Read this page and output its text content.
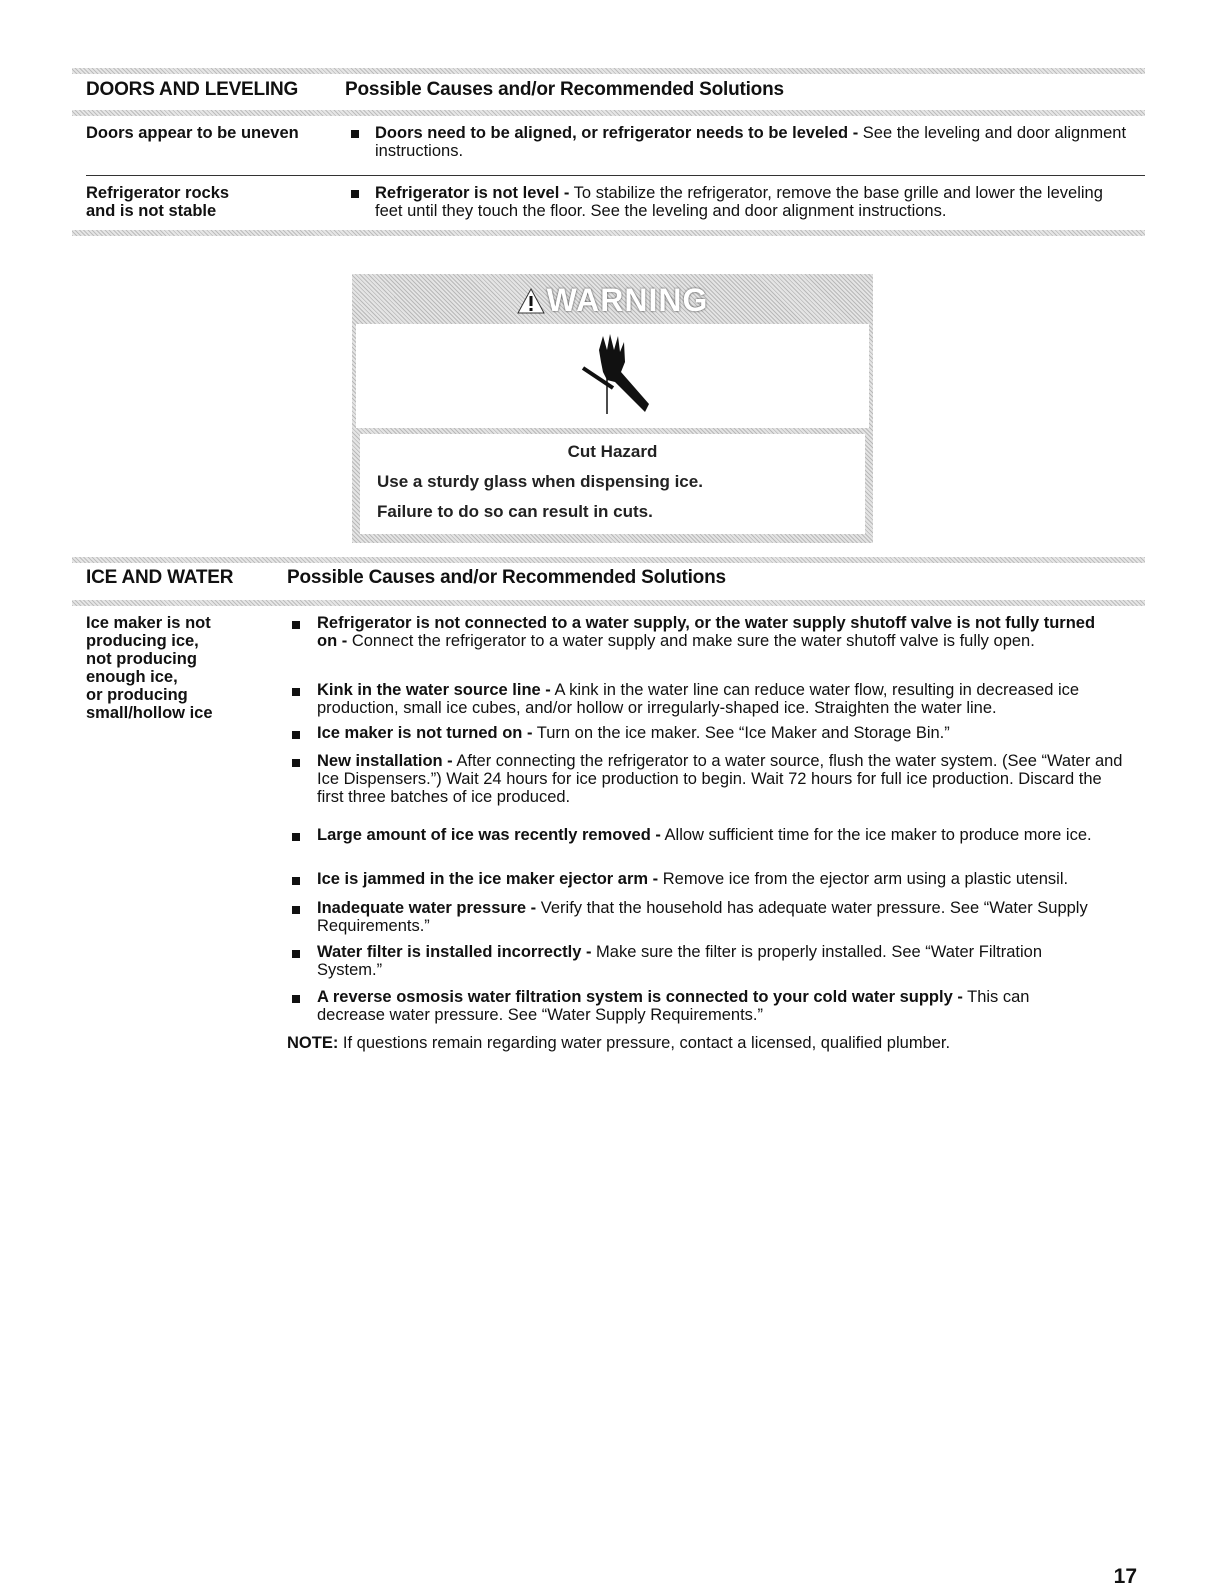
DOORS AND LEVELING Possible Causes and/or Recommended Solutions
Doors appear to be uneven	Doors need to be aligned, or refrigerator needs to be leveled - See the leveling and door alignment instructions.
Refrigerator rocks
and is not stable
Refrigerator is not level - To stabilize the refrigerator, remove the base grille and lower the leveling feet until they touch the floor. See the leveling and door alignment instructions.
WARNING
Cut Hazard
Use a sturdy glass when dispensing ice.
Failure to do so can result in cuts.
ICE AND WATER	Possible Causes and/or Recommended Solutions
Ice maker is not
producing ice,
not producing
enough ice,
or producing
small/hollow ice
Refrigerator is not connected to a water supply, or the water supply shutoff valve is not fully turned on - Connect the refrigerator to a water supply and make sure the water shutoff valve is fully open.
Kink in the water source line - A kink in the water line can reduce water flow, resulting in decreased ice production, small ice cubes, and/or hollow or irregularly-shaped ice. Straighten the water line.
Ice maker is not turned on - Turn on the ice maker. See “Ice Maker and Storage Bin.”
New installation - After connecting the refrigerator to a water source, flush the water system. (See “Water and Ice Dispensers.”) Wait 24 hours for ice production to begin. Wait 72 hours for full ice production. Discard the first three batches of ice produced.
Large amount of ice was recently removed - Allow sufficient time for the ice maker to produce more ice.
Ice is jammed in the ice maker ejector arm - Remove ice from the ejector arm using a plastic utensil.
Inadequate water pressure - Verify that the household has adequate water pressure. See “Water Supply Requirements.”
Water filter is installed incorrectly - Make sure the filter is properly installed. See “Water Filtration System.”
A reverse osmosis water filtration system is connected to your cold water supply - This can decrease water pressure. See “Water Supply Requirements.”
NOTE: If questions remain regarding water pressure, contact a licensed, qualified plumber.
17
